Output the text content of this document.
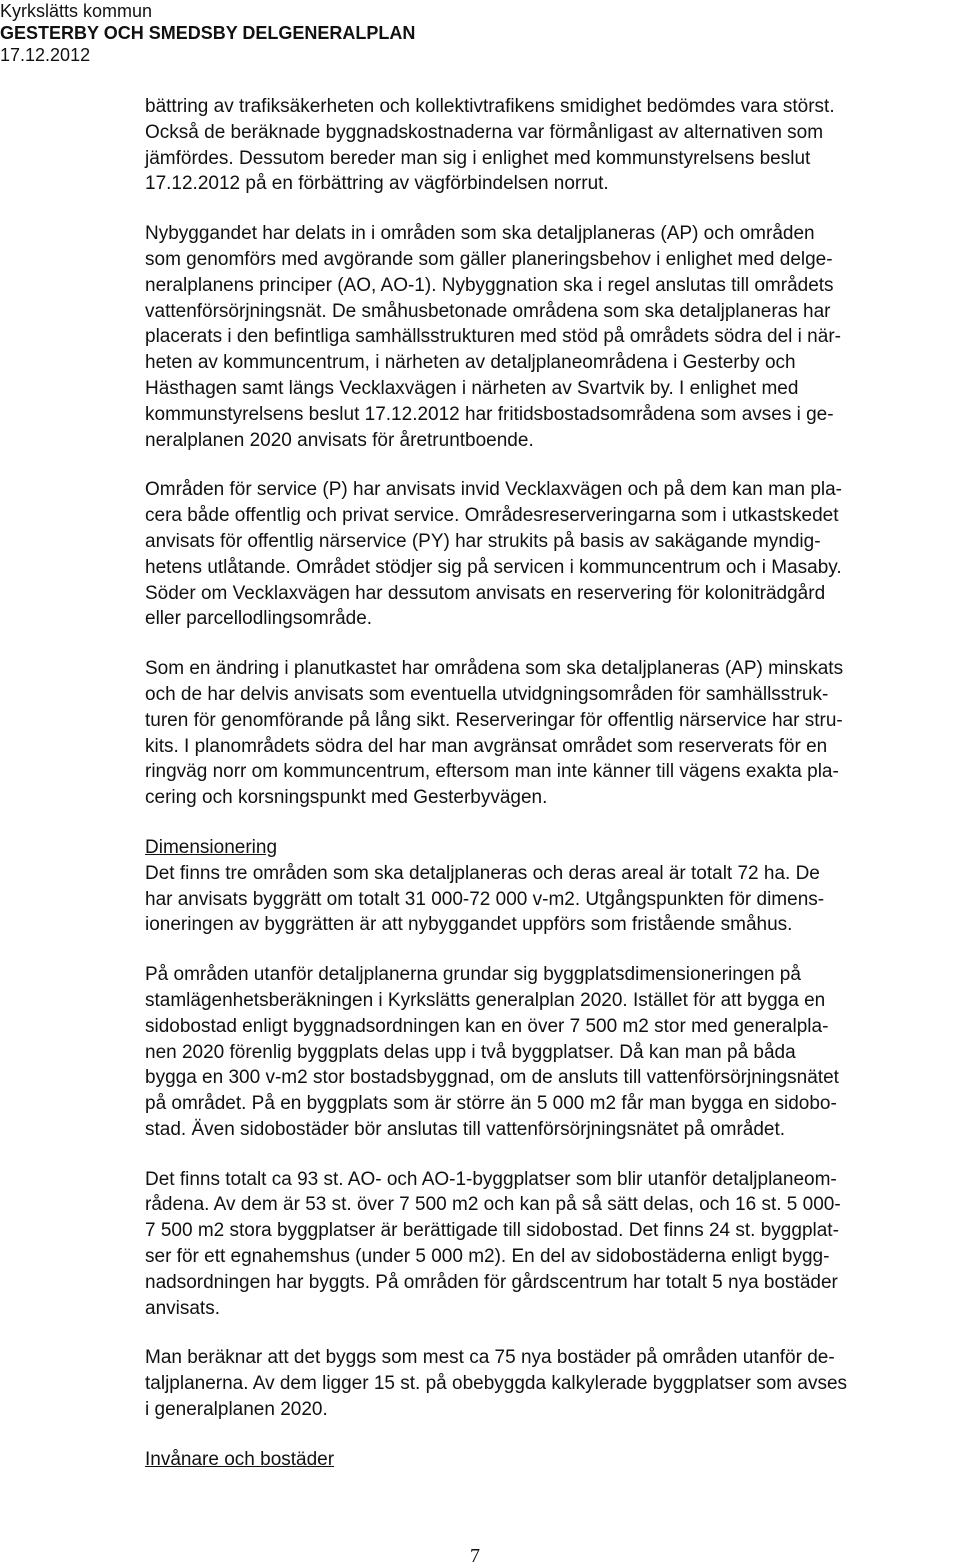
Kyrkslätts kommun
GESTERBY OCH SMEDSBY DELGENERALPLAN
17.12.2012
bättring av trafiksäkerheten och kollektivtrafikens smidighet bedömdes vara störst.
Också de beräknade byggnadskostnaderna var förmånligast av alternativen som
jämfördes. Dessutom bereder man sig i enlighet med kommunstyrelsens beslut
17.12.2012 på en förbättring av vägförbindelsen norrut.
Nybyggandet har delats in i områden som ska detaljplaneras (AP) och områden
som genomförs med avgörande som gäller planeringsbehov i enlighet med delge-
neralplanens principer (AO, AO-1). Nybyggnation ska i regel anslutas till områdets
vattenförsörjningsnät. De småhusbetonade områdena som ska detaljplaneras har
placerats i den befintliga samhällsstrukturen med stöd på områdets södra del i när-
heten av kommuncentrum, i närheten av detaljplaneområdena i Gesterby och
Hästhagen samt längs Vecklaxvägen i närheten av Svartvik by. I enlighet med
kommunstyrelsens beslut 17.12.2012 har fritidsbostadsområdena som avses i ge-
neralplanen 2020 anvisats för åretruntboende.
Områden för service (P) har anvisats invid Vecklaxvägen och på dem kan man pla-
cera både offentlig och privat service. Områdesreserveringarna som i utkastskedet
anvisats för offentlig närservice (PY) har strukits på basis av sakägande myndig-
hetens utlåtande. Området stödjer sig på servicen i kommuncentrum och i Masaby.
Söder om Vecklaxvägen har dessutom anvisats en reservering för koloniträdgård
eller parcellodlingsområde.
Som en ändring i planutkastet har områdena som ska detaljplaneras (AP) minskats
och de har delvis anvisats som eventuella utvidgningsområden för samhällsstruk-
turen för genomförande på lång sikt. Reserveringar för offentlig närservice har stru-
kits. I planområdets södra del har man avgränsat området som reserverats för en
ringväg norr om kommuncentrum, eftersom man inte känner till vägens exakta pla-
cering och korsningspunkt med Gesterbyvägen.
Dimensionering
Det finns tre områden som ska detaljplaneras och deras areal är totalt 72 ha. De
har anvisats byggrätt om totalt 31 000-72 000 v-m2. Utgångspunkten för dimens-
ioneringen av byggrätten är att nybyggandet uppförs som fristående småhus.
På områden utanför detaljplanerna grundar sig byggplatsdimensioneringen på
stamlägenhetsberäkningen i Kyrkslätts generalplan 2020. Istället för att bygga en
sidobostad enligt byggnadsordningen kan en över 7 500 m2 stor med generalpla-
nen 2020 förenlig byggplats delas upp i två byggplatser. Då kan man på båda
bygga en 300 v-m2 stor bostadsbyggnad, om de ansluts till vattenförsörjningsnätet
på området. På en byggplats som är större än 5 000 m2 får man bygga en sidobo-
stad. Även sidobostäder bör anslutas till vattenförsörjningsnätet på området.
Det finns totalt ca 93 st. AO- och AO-1-byggplatser som blir utanför detaljplaneom-
rådena. Av dem är 53 st. över 7 500 m2 och kan på så sätt delas, och 16 st. 5 000-
7 500 m2 stora byggplatser är berättigade till sidobostad. Det finns 24 st. byggplat-
ser för ett egnahemshus (under 5 000 m2). En del av sidobostäderna enligt bygg-
nadsordningen har byggts. På områden för gårdscentrum har totalt 5 nya bostäder
anvisats.
Man beräknar att det byggs som mest ca 75 nya bostäder på områden utanför de-
taljplanerna. Av dem ligger 15 st. på obebyggda kalkylerade byggplatser som avses
i generalplanen 2020.
Invånare och bostäder
7
